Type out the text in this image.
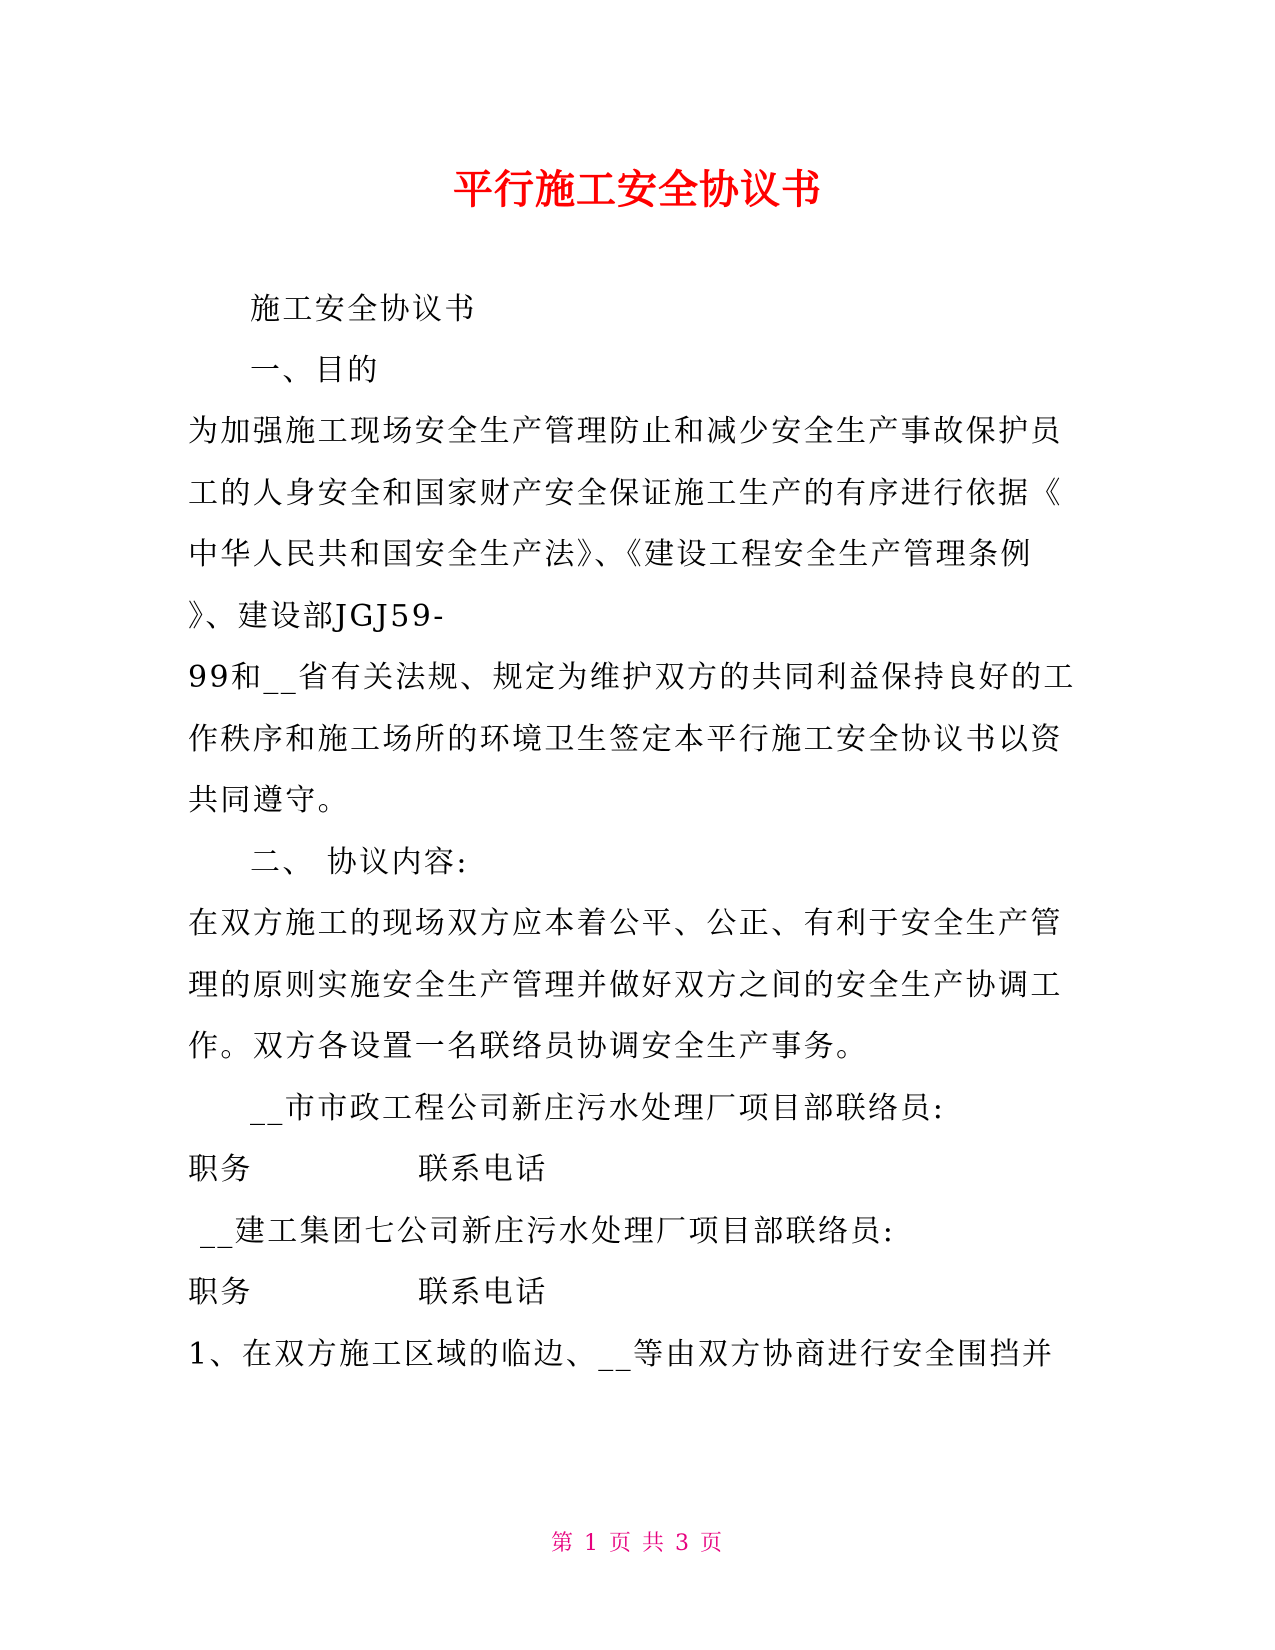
平行施工安全协议书
施工安全协议书
一、目的
为加强施工现场安全生产管理防止和减少安全生产事故保护员
工的人身安全和国家财产安全保证施工生产的有序进行依据《
中华人民共和国安全生产法》、《建设工程安全生产管理条例
》、建设部JGJ59-
99和__省有关法规、规定为维护双方的共同利益保持良好的工
作秩序和施工场所的环境卫生签定本平行施工安全协议书以资
共同遵守。
二、 协议内容:
在双方施工的现场双方应本着公平、公正、有利于安全生产管
理的原则实施安全生产管理并做好双方之间的安全生产协调工
作。双方各设置一名联络员协调安全生产事务。
__市市政工程公司新庄污水处理厂项目部联络员:
职务	联系电话
__建工集团七公司新庄污水处理厂项目部联络员:
职务	联系电话
1、在双方施工区域的临边、__等由双方协商进行安全围挡并
第 1 页 共 3 页
